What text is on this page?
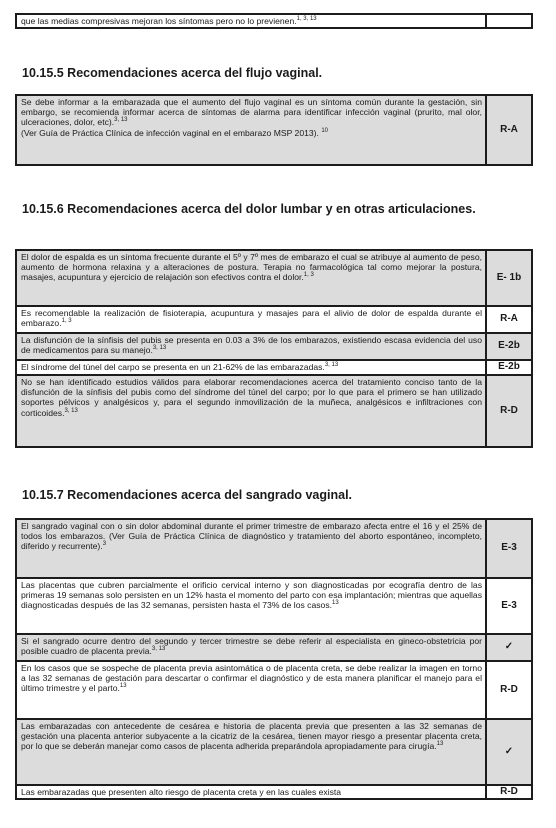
que las medias compresivas mejoran los síntomas pero no lo previenen.$^{1, 3, 13}$	
10.15.5 Recomendaciones acerca del flujo vaginal.
Se debe informar a la embarazada que el aumento del flujo vaginal es un síntoma común durante la gestación, sin embargo, se recomienda informar acerca de síntomas de alarma para identificar infección vaginal (prurito, mal olor, ulceraciones, dolor, etc).$^{3, 13}$
(Ver Guía de Práctica Clínica de infección vaginal en el embarazo MSP 2013). $^{10}$	R-A
10.15.6 Recomendaciones acerca del dolor lumbar y en otras articulaciones.
El dolor de espalda es un síntoma frecuente durante el 5º y 7º mes de embarazo el cual se atribuye al aumento de peso, aumento de hormona relaxina y a alteraciones de postura. Terapia no farmacológica tal como mejorar la postura, masajes, acupuntura y ejercicio de relajación son efectivos contra el dolor.$^{1, 3}$	E- 1b
Es recomendable la realización de fisioterapia, acupuntura y masajes para el alivio de dolor de espalda durante el embarazo.$^{1, 3}$	R-A
La disfunción de la sínfisis del pubis se presenta en 0.03 a 3% de los embarazos, existiendo escasa evidencia del uso de medicamentos para su manejo.$^{3, 13}$	E-2b
El síndrome del túnel del carpo se presenta en un 21-62% de las embarazadas.$^{3, 13}$	E-2b
No se han identificado estudios válidos para elaborar recomendaciones acerca del tratamiento conciso tanto de la disfunción de la sínfisis del pubis como del síndrome del túnel del carpo; por lo que para el primero se han utilizado soportes pélvicos y analgésicos y, para el segundo inmovilización de la muñeca, analgésicos e infiltraciones con corticoides.$^{3, 13}$	R-D
10.15.7 Recomendaciones acerca del sangrado vaginal.
El sangrado vaginal con o sin dolor abdominal durante el primer trimestre de embarazo afecta entre el 16 y el 25% de todos los embarazos. (Ver Guía de Práctica Clínica de diagnóstico y tratamiento del aborto espontáneo, incompleto, diferido y recurrente).$^3$	E-3
Las placentas que cubren parcialmente el orificio cervical interno y son diagnosticadas por ecografía dentro de las primeras 19 semanas solo persisten en un 12% hasta el momento del parto con esa implantación; mientras que aquellas diagnosticadas después de las 32 semanas, persisten hasta el 73% de los casos.$^{13}$	E-3
Si el sangrado ocurre dentro del segundo y tercer trimestre se debe referir al especialista en gineco-obstetricia por posible cuadro de placenta previa.$^{3, 13}$	✓
En los casos que se sospeche de placenta previa asintomática o de placenta creta, se debe realizar la imagen en torno a las 32 semanas de gestación para descartar o confirmar el diagnóstico y de esta manera planificar el manejo para el último trimestre y el parto.$^{13}$	R-D
Las embarazadas con antecedente de cesárea e historia de placenta previa que presenten a las 32 semanas de gestación una placenta anterior subyacente a la cicatriz de la cesárea, tienen mayor riesgo a presentar placenta creta, por lo que se deberán manejar como casos de placenta adherida preparándola apropiadamente para cirugía.$^{13}$	✓
Las embarazadas que presenten alto riesgo de placenta creta y en las cuales exista	R-D
